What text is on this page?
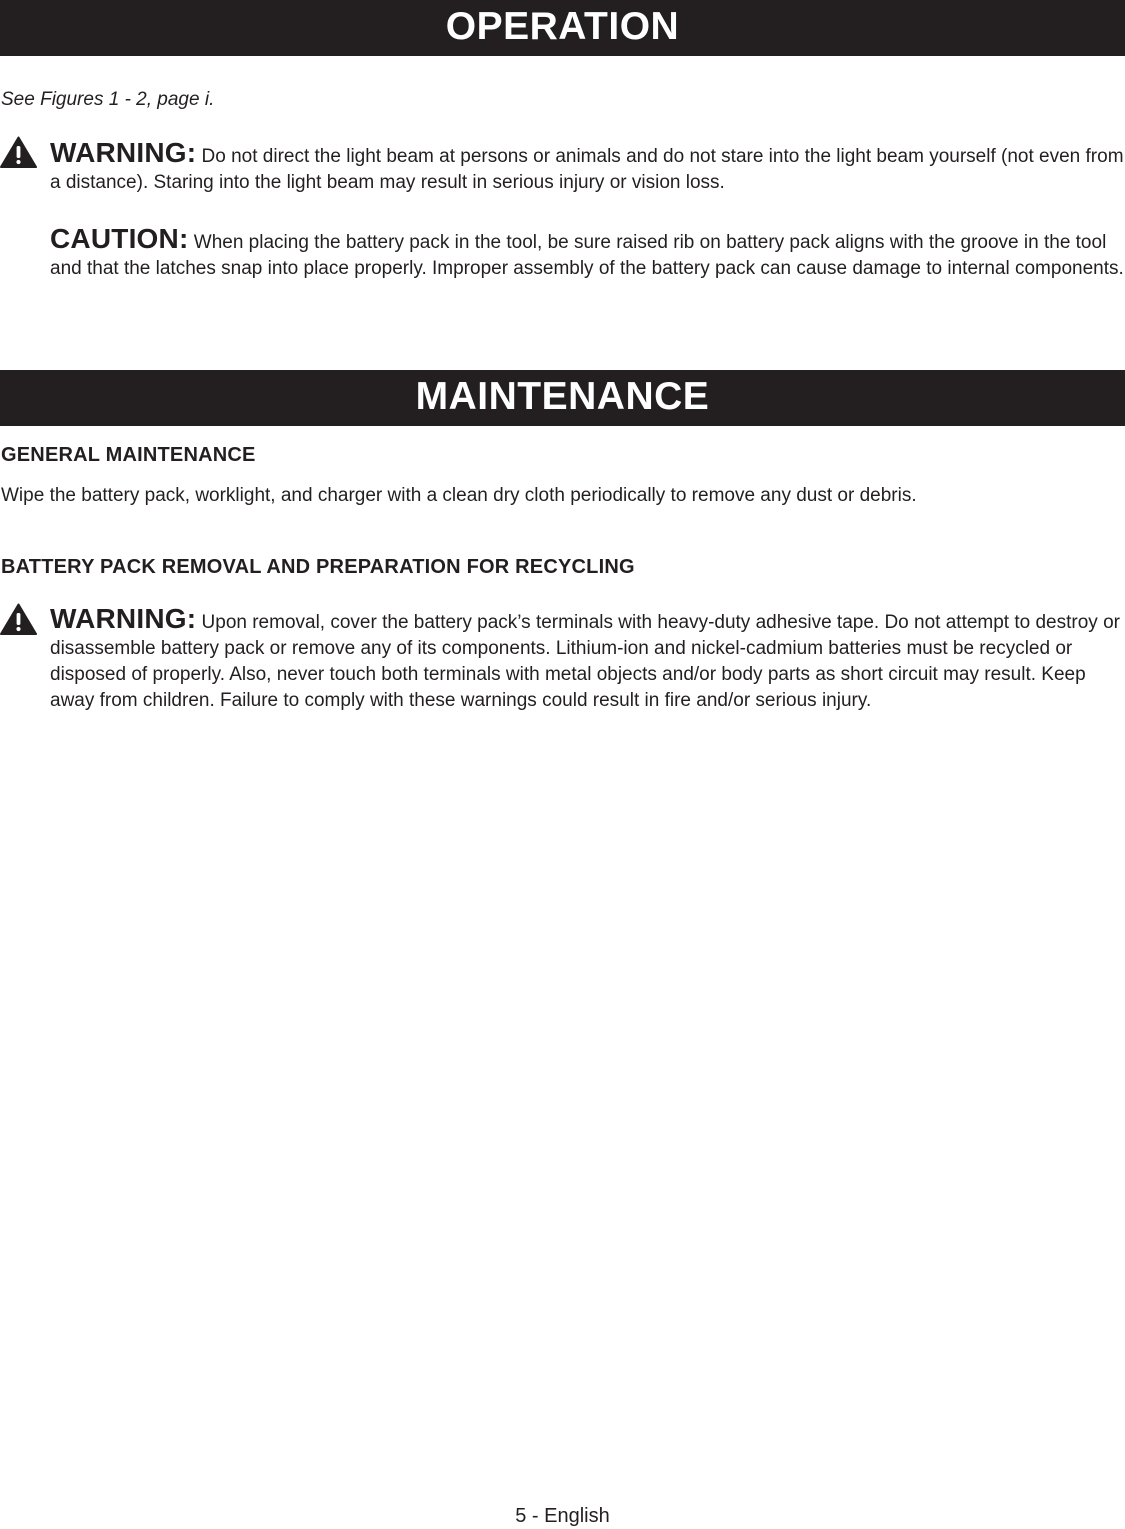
OPERATION

See Figures 1 - 2, page i.

WARNING: Do not direct the light beam at persons or animals and do not stare into the light beam yourself (not even from a distance). Staring into the light beam may result in serious injury or vision loss.

CAUTION: When placing the battery pack in the tool, be sure raised rib on battery pack aligns with the groove in the tool and that the latches snap into place properly. Improper assembly of the battery pack can cause damage to internal components.

MAINTENANCE
GENERAL MAINTENANCE

Wipe the battery pack, worklight, and charger with a clean dry cloth periodically to remove any dust or debris.

BATTERY PACK REMOVAL AND PREPARATION FOR RECYCLING

WARNING: Upon removal, cover the battery pack’s terminals with heavy-duty adhesive tape. Do not attempt to destroy or disassemble battery pack or remove any of its components. Lithium-ion and nickel-cadmium batteries must be recycled or disposed of properly. Also, never touch both terminals with metal objects and/or body parts as short circuit may result. Keep away from children. Failure to comply with these warnings could result in fire and/or serious injury.

5 - English
